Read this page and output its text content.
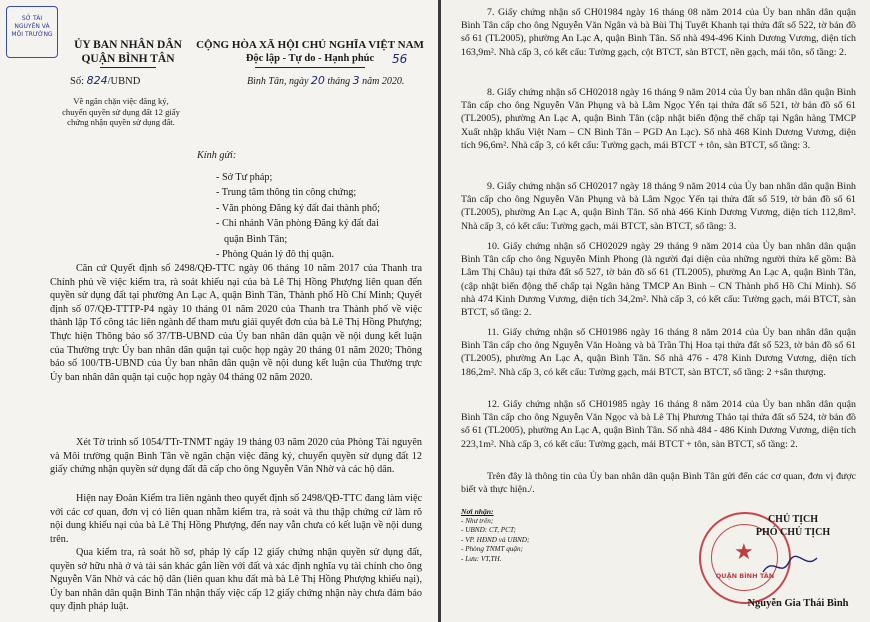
SỞ TÀI NGUYÊN VÀ MÔI TRƯỜNG
ỦY BAN NHÂN DÂN
QUẬN BÌNH TÂN
Số: 824/UBND
CỘNG HÒA XÃ HỘI CHỦ NGHĨA VIỆT NAM
Độc lập - Tự do - Hạnh phúc	56
Bình Tân, ngày 20 tháng 3 năm 2020.
Về ngăn chặn việc đăng ký,
chuyển quyền sử dụng đất 12 giấy
chứng nhận quyền sử dụng đất.
Kính gửi:
- Sở Tư pháp;
- Trung tâm thông tin công chứng;
- Văn phòng Đăng ký đất đai thành phố;
- Chi nhánh Văn phòng Đăng ký đất đai
quận Bình Tân;
- Phòng Quản lý đô thị quận.
Căn cứ Quyết định số 2498/QĐ-TTC ngày 06 tháng 10 năm 2017 của Thanh tra Chính phủ về việc kiểm tra, rà soát khiếu nại của bà Lê Thị Hồng Phượng liên quan đến quyền sử dụng đất tại phường An Lạc A, quận Bình Tân, Thành phố Hồ Chí Minh; Quyết định số 07/QĐ-TTTP-P4 ngày 10 tháng 01 năm 2020 của Thanh tra Thành phố về việc thành lập Tổ công tác liên ngành để tham mưu giải quyết đơn của bà Lê Thị Hồng Phượng; Thực hiện Thông báo số 37/TB-UBND của Ủy ban nhân dân quận về nội dung kết luận của Thường trực Ủy ban nhân dân quận tại cuộc họp ngày 20 tháng 01 năm 2020; Thông báo số 100/TB-UBND của Ủy ban nhân dân quận về nội dung kết luận của Thường trực Ủy ban nhân dân quận tại cuộc họp ngày 04 tháng 02 năm 2020.
Xét Tờ trình số 1054/TTr-TNMT ngày 19 tháng 03 năm 2020 của Phòng Tài nguyên và Môi trường quận Bình Tân về ngăn chặn việc đăng ký, chuyển quyền sử dụng đất 12 giấy chứng nhận quyền sử dụng đất đã cấp cho ông Nguyễn Văn Nhờ và các hộ dân.
Hiện nay Đoàn Kiểm tra liên ngành theo quyết định số 2498/QĐ-TTC đang làm việc với các cơ quan, đơn vị có liên quan nhằm kiểm tra, rà soát và thu thập chứng cứ làm rõ nội dung khiếu nại của bà Lê Thị Hồng Phượng, đến nay vẫn chưa có kết luận về nội dung trên.
Qua kiểm tra, rà soát hồ sơ, pháp lý cấp 12 giấy chứng nhận quyền sử dụng đất, quyền sở hữu nhà ở và tài sản khác gắn liền với đất và xác định nghĩa vụ tài chính cho ông Nguyễn Văn Nhờ và các hộ dân (liên quan khu đất mà bà Lê Thị Hồng Phượng khiếu nại), Ủy ban nhân dân quận Bình Tân nhận thấy việc cấp 12 giấy chứng nhận này chưa đảm bảo quy định pháp luật.
7. Giấy chứng nhận số CH01984 ngày 16 tháng 08 năm 2014 của Ủy ban nhân dân quận Bình Tân cấp cho ông Nguyễn Văn Ngân và bà Bùi Thị Tuyết Khanh tại thửa đất số 522, tờ bản đồ số 61 (TL2005), phường An Lạc A, quận Bình Tân. Số nhà 494-496 Kinh Dương Vương, diện tích 163,9m². Nhà cấp 3, có kết cấu: Tường gạch, cột BTCT, sàn BTCT, nền gạch, mái tôn, số tầng: 2.
8. Giấy chứng nhận số CH02018 ngày 16 tháng 9 năm 2014 của Ủy ban nhân dân quận Bình Tân cấp cho ông Nguyễn Văn Phụng và bà Lâm Ngọc Yến tại thửa đất số 521, tờ bản đồ số 61 (TL2005), phường An Lạc A, quận Bình Tân (cập nhật biến động thế chấp tại Ngân hàng TMCP Xuất nhập khẩu Việt Nam – CN Bình Tân – PGD An Lạc). Số nhà 468 Kinh Dương Vương, diện tích 96,6m². Nhà cấp 3, có kết cấu: Tường gạch, mái BTCT + tôn, sàn BTCT, số tầng: 3.
9. Giấy chứng nhận số CH02017 ngày 18 tháng 9 năm 2014 của Ủy ban nhân dân quận Bình Tân cấp cho ông Nguyễn Văn Phụng và bà Lâm Ngọc Yến tại thửa đất số 519, tờ bản đồ số 61 (TL2005), phường An Lạc A, quận Bình Tân. Số nhà 466 Kinh Dương Vương, diện tích 112,8m². Nhà cấp 3, có kết cấu: Tường gạch, mái BTCT, sàn BTCT, số tầng: 3.
10. Giấy chứng nhận số CH02029 ngày 29 tháng 9 năm 2014 của Ủy ban nhân dân quận Bình Tân cấp cho ông Nguyễn Minh Phong (là người đại diện của những người thừa kế gồm: Bà Lâm Thị Châu) tại thửa đất số 527, tờ bản đồ số 61 (TL2005), phường An Lạc A, quận Bình Tân, (cập nhật biến động thế chấp tại Ngân hàng TMCP An Bình – CN Thành phố Hồ Chí Minh). Số nhà 474 Kinh Dương Vương, diện tích 34,2m². Nhà cấp 3, có kết cấu: Tường gạch, mái BTCT, sàn BTCT, số tầng: 2.
11. Giấy chứng nhận số CH01986 ngày 16 tháng 8 năm 2014 của Ủy ban nhân dân quận Bình Tân cấp cho ông Nguyễn Văn Hoàng và bà Trần Thị Hoa tại thửa đất số 523, tờ bản đồ số 61 (TL2005), phường An Lạc A, quận Bình Tân. Số nhà 476 - 478 Kinh Dương Vương, diện tích 186,2m². Nhà cấp 3, có kết cấu: Tường gạch, mái BTCT, sàn BTCT, số tầng: 2 +sân thượng.
12. Giấy chứng nhận số CH01985 ngày 16 tháng 8 năm 2014 của Ủy ban nhân dân quận Bình Tân cấp cho ông Nguyễn Văn Ngọc và bà Lê Thị Phương Thảo tại thửa đất số 524, tờ bản đồ số 61 (TL2005), phường An Lạc A, quận Bình Tân. Số nhà 484 - 486 Kinh Dương Vương, diện tích 223,1m². Nhà cấp 3, có kết cấu: Tường gạch, mái BTCT + tôn, sàn BTCT, số tầng: 2.
Trên đây là thông tin của Ủy ban nhân dân quận Bình Tân gửi đến các cơ quan, đơn vị được biết và thực hiện./.
Nơi nhận:
- Như trên;
- UBND: CT, PCT;
- VP. HĐND và UBND;
- Phòng TNMT quận;
- Lưu: VT,TH.	★
QUẬN BÌNH TÂN
CHỦ TỊCH
PHÓ CHỦ TỊCH
Nguyễn Gia Thái Bình
